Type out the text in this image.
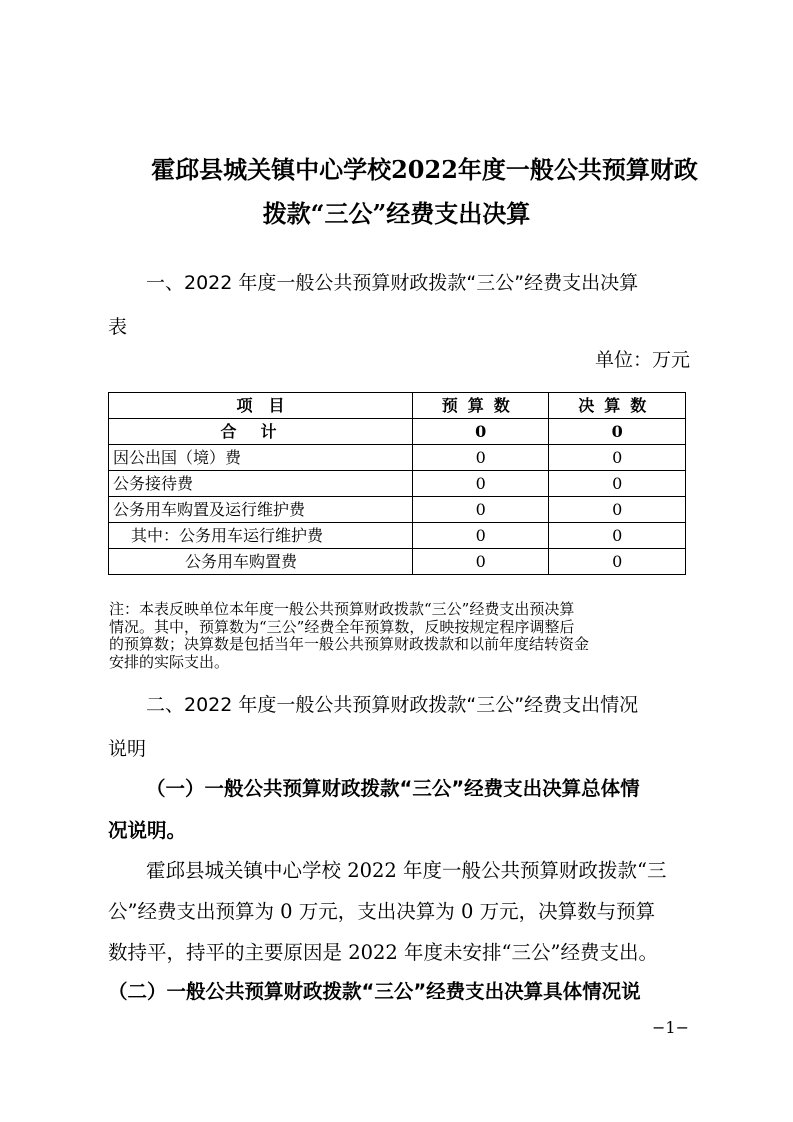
霍邱县城关镇中心学校2022年度一般公共预算财政
拨款“三公”经费支出决算
一、2022 年度一般公共预算财政拨款“三公”经费支出决算
表
单位：万元
项　目	预算数	决算数
合计	0	0
因公出国（境）费	0	0
公务接待费	0	0
公务用车购置及运行维护费	0	0
其中：公务用车运行维护费	0	0
公务用车购置费	0	0
注：本表反映单位本年度一般公共预算财政拨款“三公”经费支出预决算
情况。其中，预算数为“三公”经费全年预算数，反映按规定程序调整后
的预算数；决算数是包括当年一般公共预算财政拨款和以前年度结转资金
安排的实际支出。
二、2022 年度一般公共预算财政拨款“三公”经费支出情况
说明
（一）一般公共预算财政拨款“三公”经费支出决算总体情
况说明。
霍邱县城关镇中心学校 2022 年度一般公共预算财政拨款“三
公”经费支出预算为 0 万元，支出决算为 0 万元，决算数与预算
数持平，持平的主要原因是 2022 年度未安排“三公”经费支出。
（二）一般公共预算财政拨款“三公”经费支出决算具体情况说
−1−
